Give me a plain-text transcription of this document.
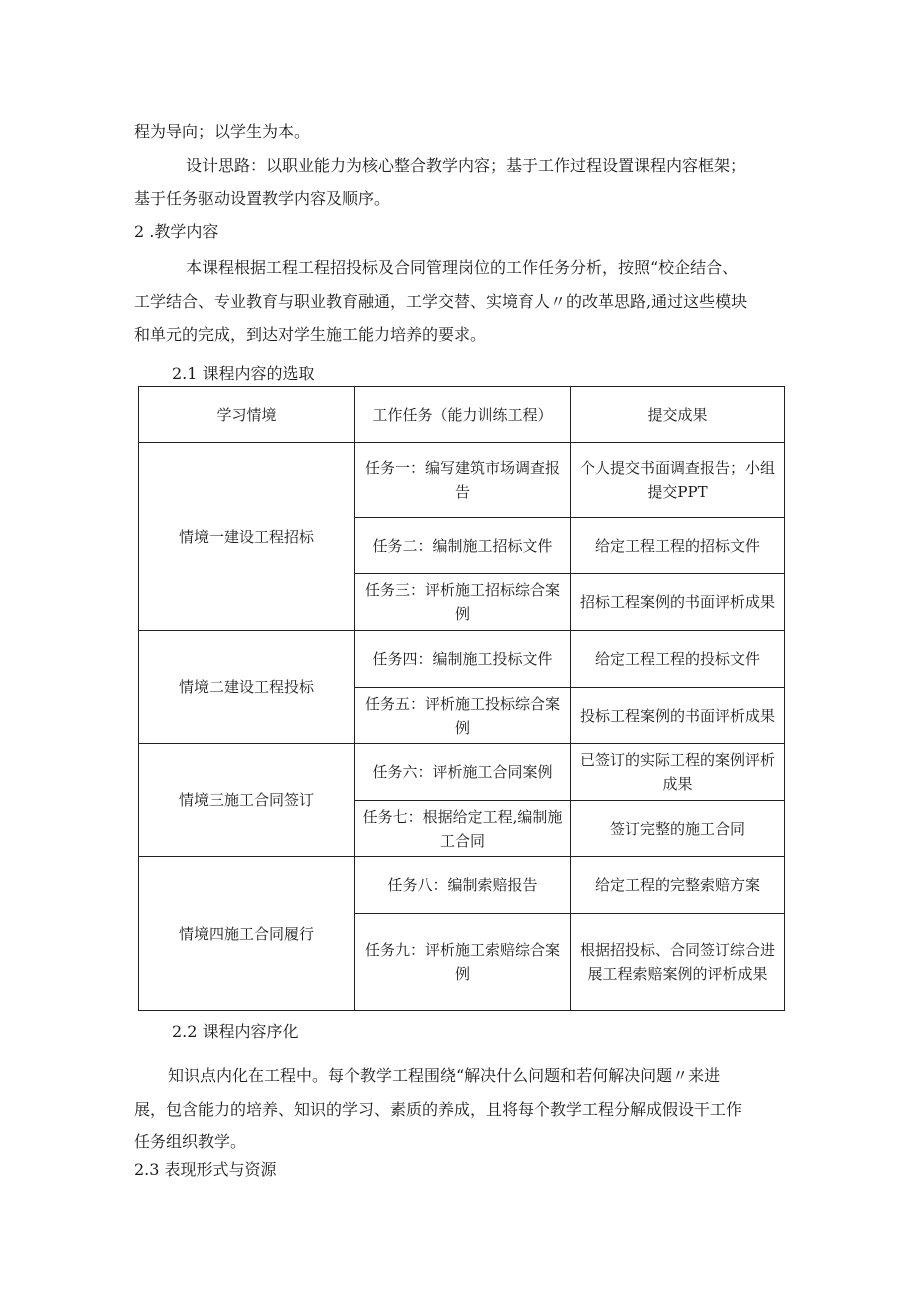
程为导向；以学生为本。
设计思路：以职业能力为核心整合教学内容；基于工作过程设置课程内容框架；
基于任务驱动设置教学内容及顺序。
2 .教学内容
本课程根据工程工程招投标及合同管理岗位的工作任务分析，按照“校企结合、
工学结合、专业教育与职业教育融通，工学交替、实境育人〃的改革思路,通过这些模块
和单元的完成，到达对学生施工能力培养的要求。
2.1 课程内容的选取
学习情境	工作任务（能力训练工程）	提交成果
情境一建设工程招标	任务一：编写建筑市场调查报告	个人提交书面调查报告；小组提交PPT
	任务二：编制施工招标文件	给定工程工程的招标文件
	任务三：评析施工招标综合案例	招标工程案例的书面评析成果
情境二建设工程投标	任务四：编制施工投标文件	给定工程工程的投标文件
	任务五：评析施工投标综合案例	投标工程案例的书面评析成果
情境三施工合同签订	任务六：评析施工合同案例	已签订的实际工程的案例评析成果
	任务七：根据给定工程,编制施工合同	签订完整的施工合同
情境四施工合同履行	任务八：编制索赔报告	给定工程的完整索赔方案
	任务九：评析施工索赔综合案例	根据招投标、合同签订综合进展工程索赔案例的评析成果
2.2 课程内容序化
知识点内化在工程中。每个教学工程围绕“解决什么问题和若何解决问题〃来进
展，包含能力的培养、知识的学习、素质的养成，且将每个教学工程分解成假设干工作
任务组织教学。
2.3 表现形式与资源
